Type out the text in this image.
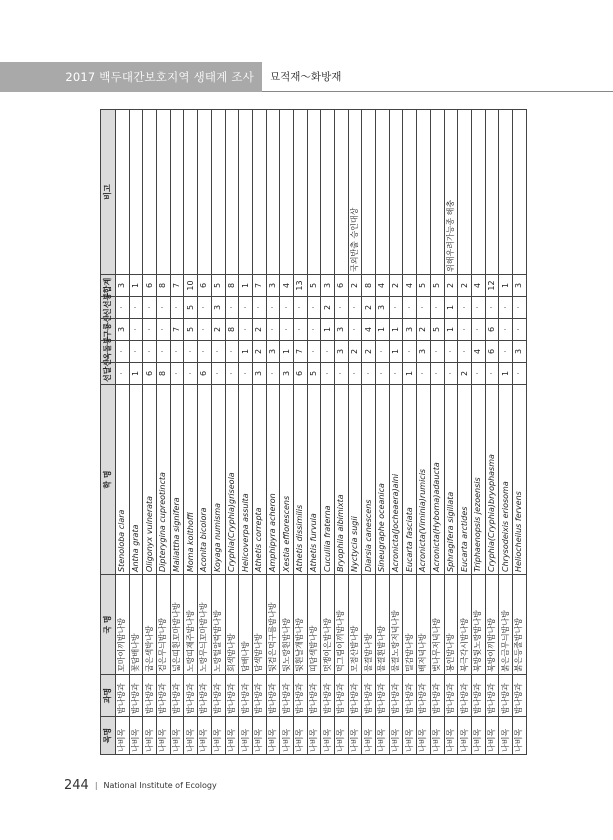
2017 백두대간보호지역 생태계 조사	묘적재～화방재
목명	과명	국 명	학 명	선달산	옥돌봉	구룡산	신선봉	합계	비고
나비목	밤나방과	꼬마이끼밤나방	Stenoloba clara	·	·	3	·	3	
나비목	밤나방과	꽃담배나방	Antha grata	1	·	·	·	1	
나비목	밤나방과	굽은색박나방	Oligonyx vulnerata	6	·	·	·	6	
나비목	밤나방과	검은무늬밤나방	Dipterygina cupreotincta	8	·	·	·	8	
나비목	밤나방과	넓은띠흰꼬마밤나방	Maliattha signifera	·	·	7	·	7	
나비목	밤나방과	노랑띠재주밤나방	Moma kolthoffi	·	·	5	5	10	
나비목	밤나방과	노랑무늬꼬마밤나방	Aconita bicolora	6	·	·	·	6	
나비목	밤나방과	노랑털알락밤나방	Koyaga numisma	·	·	2	3	5	
나비목	밤나방과	회색밤나방	Cryphia(Cryphia)griseola	·	·	8	·	8	
나비목	밤나방과	담배나방	Helicoverpa assulta	·	1	·	·	1	
나비목	밤나방과	담색밤나방	Athetis correpta	3	2	2	·	7	
나비목	밤나방과	뒷검은먹구름밤나방	Amphipyra acheron	·	3	·	·	3	
나비목	밤나방과	뒷노랑흰밤나방	Xestia efflorescens	3	1	·	·	4	
나비목	밤나방과	뒷흰날개밤나방	Athetis dissimilis	6	7	·	·	13	
나비목	밤나방과	띠담색밤나방	Athetis furvula	5	·	·	·	5	
나비목	밤나방과	멋쟁이은밤나방	Cucullia fraterna	·	·	1	2	3	
나비목	밤나방과	먹그림이끼밤나방	Bryophila albimixta	·	3	3	·	6	
나비목	밤나방과	모점산밤나방	Nyctycia sugii	·	2	·	·	2	국외반출 승인대상
나비목	밤나방과	물결밤나방	Diarsia canescens	·	2	4	2	8	
나비목	밤나방과	물결흰밤나방	Sineugraphe oceanica	·	·	1	3	4	
나비목	밤나방과	물결노랑저녁나방	Acronicta(Jocheaera)alni	·	1	1	·	2	
나비목	밤나방과	밀감밤나방	Eucarta fasciata	1	·	3	·	4	
나비목	밤나방과	배저녁나방	Acronicta(Viminia)rumicis	·	3	2	·	5	
나비목	밤나방과	벚나무저녁나방	Acronicta(Hyboma)adaucta	·	·	5	·	5	
나비목	밤나방과	봉인밤나방	Sphragifera sigillata	·	·	1	1	2	위해우려가능종 해충
나비목	밤나방과	북극각시밤나방	Eucarta arctides	2	·	·	·	2	
나비목	밤나방과	북방뒷노랑밤나방	Triphaenopsis jezoensis	·	4	·	·	4	
나비목	밤나방과	북방이끼밤나방	Cryphia(Cryphia)bryophasma	·	6	6	·	12	
나비목	밤나방과	붉은금무늬밤나방	Chrysodeixis eriosoma	1	·	·	·	1	
나비목	밤나방과	붉은등줄밤나방	Heliocheilus fervens	·	3	·	·	3	
244 | National Institute of Ecology
